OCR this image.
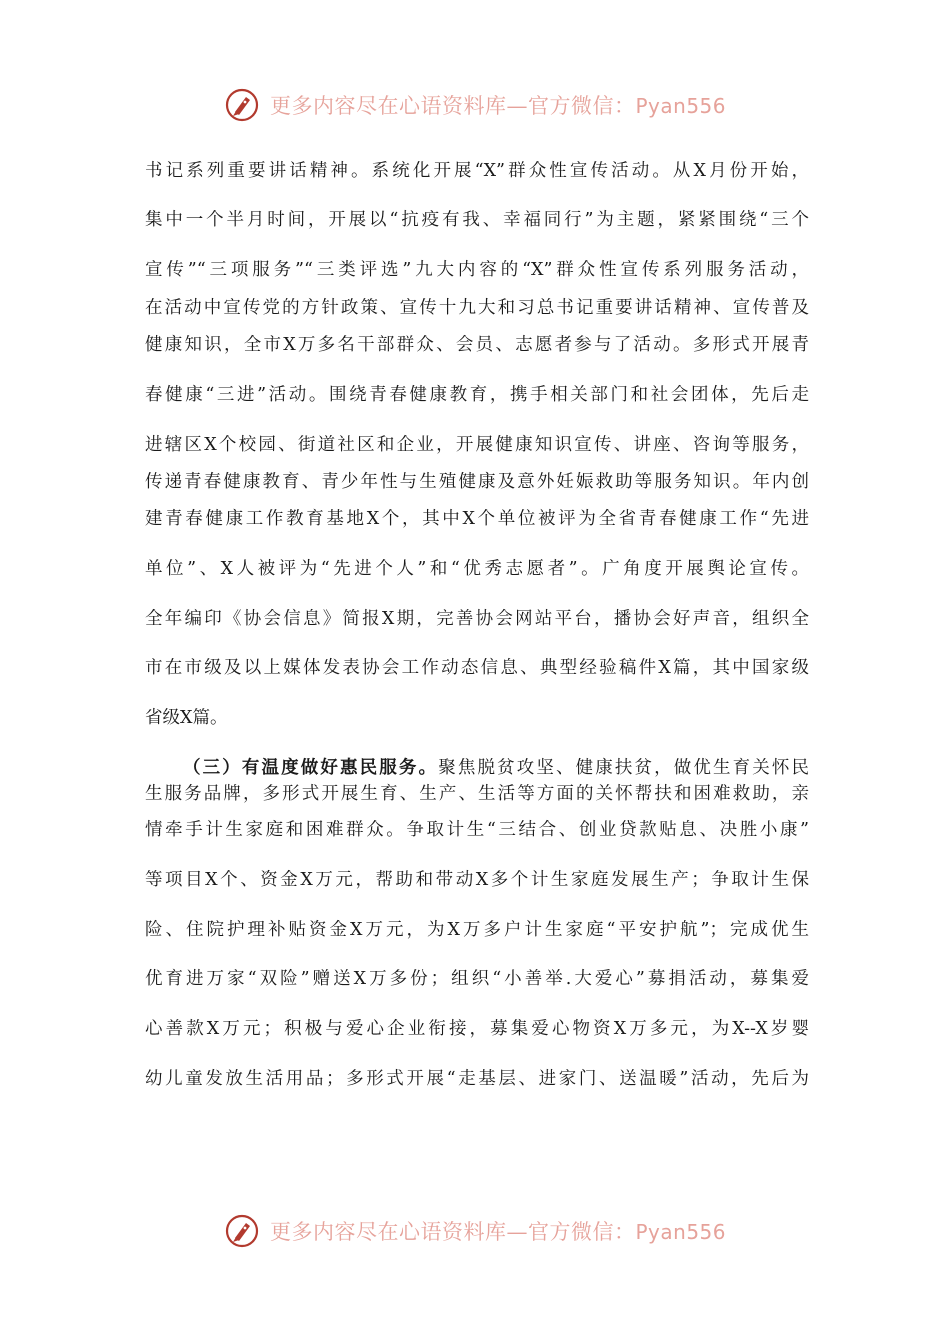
更多内容尽在心语资料库—官方微信：Pyan556
书记系列重要讲话精神。系统化开展“X”群众性宣传活动。从X月份开始，
集中一个半月时间，开展以“抗疫有我、幸福同行”为主题，紧紧围绕“三个
宣传”“三项服务”“三类评选”九大内容的“X”群众性宣传系列服务活动，
在活动中宣传党的方针政策、宣传十九大和习总书记重要讲话精神、宣传普及
健康知识，全市X万多名干部群众、会员、志愿者参与了活动。多形式开展青
春健康“三进”活动。围绕青春健康教育，携手相关部门和社会团体，先后走
进辖区X个校园、街道社区和企业，开展健康知识宣传、讲座、咨询等服务，
传递青春健康教育、青少年性与生殖健康及意外妊娠救助等服务知识。年内创
建青春健康工作教育基地X个，其中X个单位被评为全省青春健康工作“先进
单位”、X人被评为“先进个人”和“优秀志愿者”。广角度开展舆论宣传。
全年编印《协会信息》简报X期，完善协会网站平台，播协会好声音，组织全
市在市级及以上媒体发表协会工作动态信息、典型经验稿件X篇，其中国家级
省级X篇。
（三）有温度做好惠民服务。聚焦脱贫攻坚、健康扶贫，做优生育关怀民
生服务品牌，多形式开展生育、生产、生活等方面的关怀帮扶和困难救助，亲
情牵手计生家庭和困难群众。争取计生“三结合、创业贷款贴息、决胜小康”
等项目X个、资金X万元，帮助和带动X多个计生家庭发展生产；争取计生保
险、住院护理补贴资金X万元，为X万多户计生家庭“平安护航”；完成优生
优育进万家“双险”赠送X万多份；组织“小善举.大爱心”募捐活动，募集爱
心善款X万元；积极与爱心企业衔接，募集爱心物资X万多元，为X--X岁婴
幼儿童发放生活用品；多形式开展“走基层、进家门、送温暖”活动，先后为
更多内容尽在心语资料库—官方微信：Pyan556
